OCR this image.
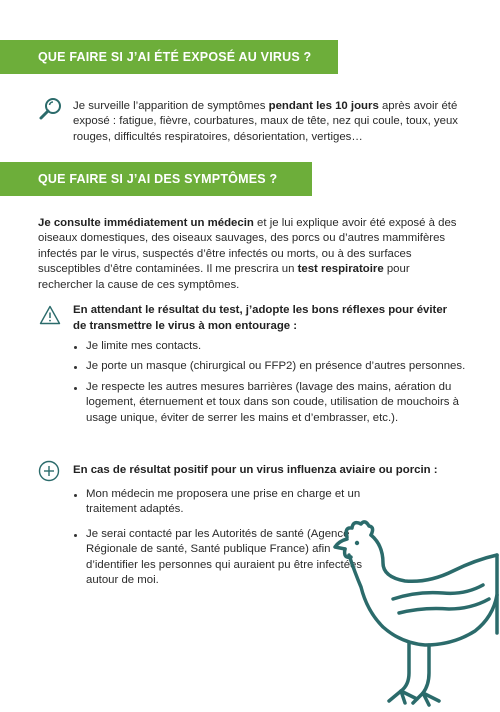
QUE FAIRE SI J’AI ÉTÉ EXPOSÉ AU VIRUS ?

Je surveille l’apparition de symptômes pendant les 10 jours après avoir été exposé : fatigue, fièvre, courbatures, maux de tête, nez qui coule, toux, yeux rouges, difficultés respiratoires, désorientation, vertiges…

QUE FAIRE SI J’AI DES SYMPTÔMES ?

Je consulte immédiatement un médecin et je lui explique avoir été exposé à des oiseaux domestiques, des oiseaux sauvages, des porcs ou d’autres mammifères infectés par le virus, suspectés d’être infectés ou morts, ou à des surfaces susceptibles d’être contaminées. Il me prescrira un test respiratoire pour rechercher la cause de ces symptômes.

En attendant le résultat du test, j’adopte les bons réflexes pour éviter de transmettre le virus à mon entourage :
Je limite mes contacts.
Je porte un masque (chirurgical ou FFP2) en présence d’autres personnes.
Je respecte les autres mesures barrières (lavage des mains, aération du logement, éternuement et toux dans son coude, utilisation de mouchoirs à usage unique, éviter de serrer les mains et d’embrasser, etc.).
En cas de résultat positif pour un virus influenza aviaire ou porcin :
Mon médecin me proposera une prise en charge et un traitement adaptés.
Je serai contacté par les Autorités de santé (Agence Régionale de santé, Santé publique France) afin d’identifier les personnes qui auraient pu être infectées autour de moi.
